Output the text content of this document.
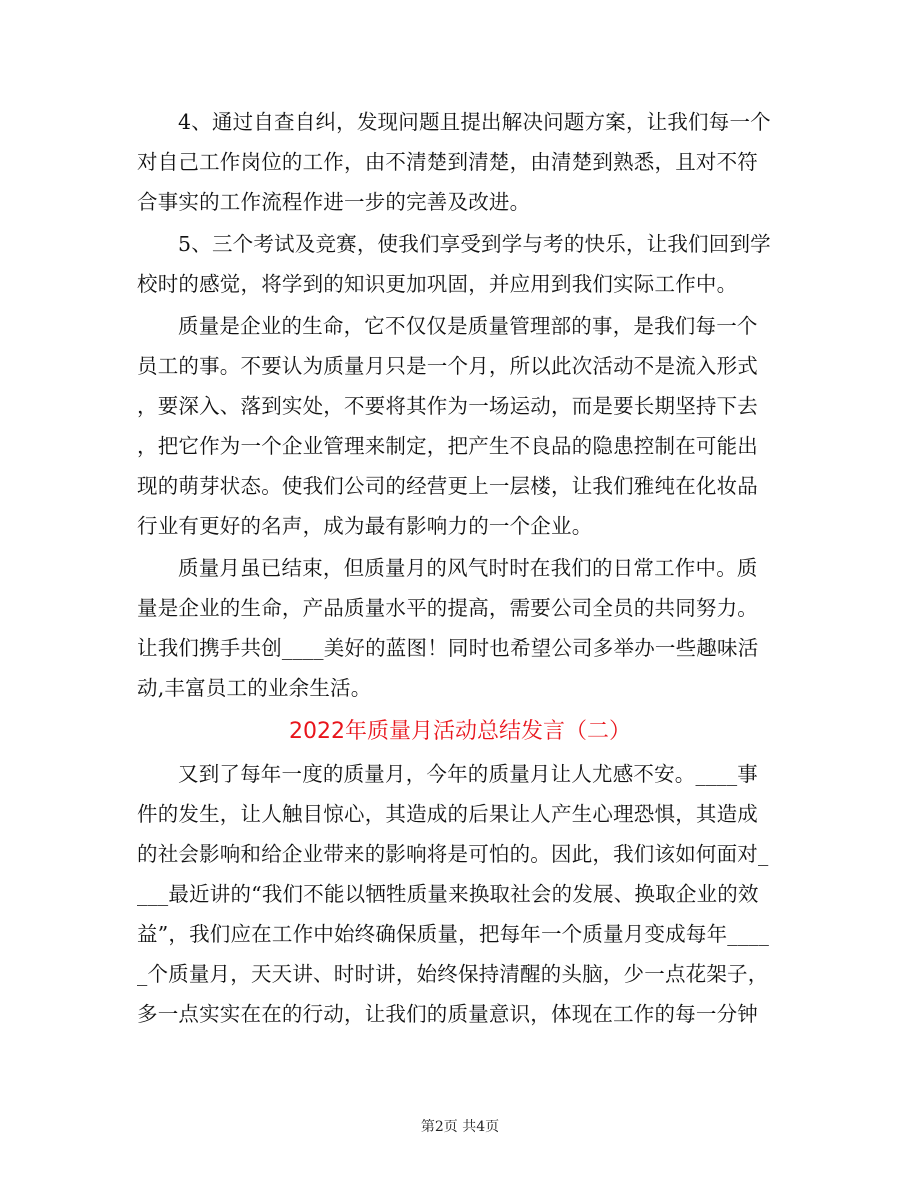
4、通过自查自纠，发现问题且提出解决问题方案，让我们每一个
对自己工作岗位的工作，由不清楚到清楚，由清楚到熟悉，且对不符
合事实的工作流程作进一步的完善及改进。
5、三个考试及竞赛，使我们享受到学与考的快乐，让我们回到学
校时的感觉，将学到的知识更加巩固，并应用到我们实际工作中。
质量是企业的生命，它不仅仅是质量管理部的事，是我们每一个
员工的事。不要认为质量月只是一个月，所以此次活动不是流入形式
，要深入、落到实处，不要将其作为一场运动，而是要长期坚持下去
，把它作为一个企业管理来制定，把产生不良品的隐患控制在可能出
现的萌芽状态。使我们公司的经营更上一层楼，让我们雅纯在化妆品
行业有更好的名声，成为最有影响力的一个企业。
质量月虽已结束，但质量月的风气时时在我们的日常工作中。质
量是企业的生命，产品质量水平的提高，需要公司全员的共同努力。
让我们携手共创____美好的蓝图！同时也希望公司多举办一些趣味活
动,丰富员工的业余生活。
2022年质量月活动总结发言（二）
又到了每年一度的质量月，今年的质量月让人尤感不安。____事
件的发生，让人触目惊心，其造成的后果让人产生心理恐惧，其造成
的社会影响和给企业带来的影响将是可怕的。因此，我们该如何面对_
___最近讲的“我们不能以牺牲质量来换取社会的发展、换取企业的效
益”，我们应在工作中始终确保质量，把每年一个质量月变成每年____
_个质量月，天天讲、时时讲，始终保持清醒的头脑，少一点花架子，
多一点实实在在的行动，让我们的质量意识，体现在工作的每一分钟
第2页 共4页
